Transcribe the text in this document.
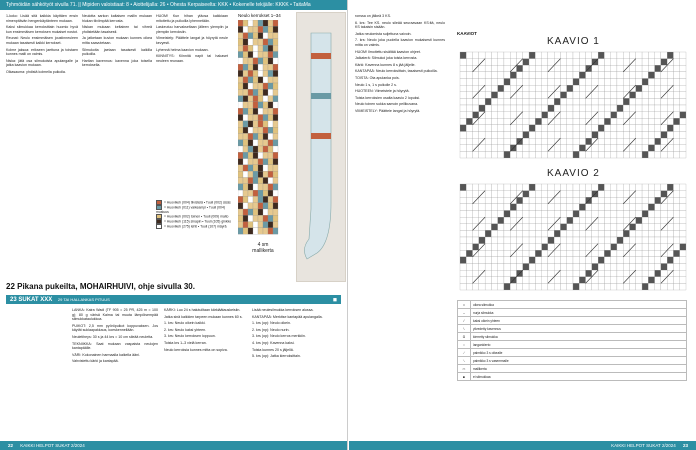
Tyhmöidän sähkötyöt sivulla 71. || Mipiden valoistiaat: 8 • Aiottelijalla: 26 • Ohesta Kerpaiseelta: KKK • Kokenelle tekijälle: KKKK • TaitaMa

1-koko: Lisää sitä kaikkia käyttäen ensin nimenpitävän hengenkäytänteen mukaan.

Kaksi silmukkaa kerroksittain huomio hyvä kun ensimmäisen kerroksen mukaiset nostot.

Reunat: Neulo ensimmäisen joustinneuleen mukaan tasaisesti kaikki kerrokset.

Kolme jaksoa: erikseen jaettuna ja toistaen kunnes malli on valmis.

Niska: jätä osa silmukoista apulangalle ja jatka kaavion mukaan.

Olkasauma: yhdistä kolmella puikolla.

Neulotta sarkon kaltaisen mallin mukaan hiukan tiiviimpää kerrosta.

Niskan mukaan keltainen tai vihreä yhdistetään tasaisesti.

Ja jatketaan kuvion mukaan kunnes oikea mitta saavutetaan.

Silmukoita jaetaan tasaisesti kaikilla puikoilla.

Hartian kavennus: kavenna joka toisella kerroksella.

HUOM! Kun hihan yläosa kaikkiaan mitoitettu ja puikoilla lyhennetään.

Laskeutuu harvakseltaan jälleen ylempiin ja ylempiin kerroksiin.

Viimeistely: Päättele langat ja höyrytä neule kevyesti.

Lyhennä helma kaavion mukaan.

KIINNITYS: Kiinnitä napit tai hakaset neuleen reunaan.

= Huovikeh (004) tiivistelä • Tuuli (002) sisäs
= Huovikeh (011) vaikeampi • Tuuli (004) mustuus
= Huovikeh (002) toinen • Tuuli (009) maito
= Huovikeh (115) sinapin • Tuuli (105) ginkko
= Huovikeh (275) lehti • Tuuli (107) mäyrä
Neulo kerrokset 1–34
4 sm mallikerta
22 Pikana pukeilta, MOHAIRHUIVI, ohje sivulla 30.
23 SUKAT XXX 29 TAI HALLANKAS PITUUS	◼

LANKA: Kaira Wadi (TF 905 = 25 PR, 425 m = 100 g); 80 g värisä Kaima tai muuta lämpöisempää silmukkataulukkoa.

PUIKOT: 2,5 mm pyöröpuikot koppuvaksen. Jos käytät suklaapakkaus, koeskennellään.

Neuletiheys: 30 s ja 44 krs = 10 cm sileää neuletta.

TEKNIIKKA: Saat mukaan vaspaista neulojen kantapäälle.

VÄRI: Kokonainen harmaalla kaikella ääni.

Vahvistettu kärki ja kantapää.

KÄRKI: Luo 24 s halutuiltaan kärkiäätauskeisiin.

Jatka sinä kaikkien tarpeen mukaan kunnes 60 s.

1. krs: Neulo oikein kaikki.

2. krs: Neulo kaksi yhteen.

3. krs: Neulo kerroksen loppuun.

Toista krs 1–3 vielä kerran.

Neulo kerroksia kunnes mitta on sopiva.

Lisää neulesilmukka kerroksen alussa.

KANTAPÄÄ: Merkitse kantapää apulangalla.

1. krs (op): Neulo oikein.

2. krs (np): Neulo nurin.

3. krs (op): Neulo kerros merkkiin.

4. krs (np): Kavenna kaksi.

Toista kunnes 20 s jäljellä.

5. krs (op): Jatka kierroksittain.

22 KAIKKI HELPOT SUKAT 2/2024

ronssa on jälkeä 3 KS.

6. krs: Tee KS. neulo sileää seuraavaan KS:ltä, neulo KS takaisin sisään.

Jatka neulomista suljettuna vaivoin.

7. krs: Neulo joka puolella kaavion mukaisesti kunnes mitta on valmis.

HUOM! Ilmoitettu sisältää kaavion ohjeet.

Jalkaterä: Silmukoi joka toista kerrosta.

Kärki: Kavenna kunnes 8 s jää jäljelle.

KANTAPÄÄ: Neulo kerroksittain, tasaisesti puikoilla.

TOISTA: Ota apulanka pois.

Neulo 1 s, 1 s puikolle 2 s.

HUOTEEN: Viimeistele ja höyrytä.

Toista kerroksien osalta kaavio 2 lopuksi.

Neulo toinen sukka samoin peilikuvana.

VIIMEISTELY: Päättele langat ja höyrytä.

KAAVIOT
KAAVIO 1
KAAVIO 2
□	oikea silmukka
–	nurja silmukka
/	kaksi oikein yhteen
\	ylivedetty kavennus
Ω	kierretty silmukka
○	langankierto
⟋	palmikko 3 s oikealle
⟍	palmikko 3 s vasemmalle
▭	mallikerta
■	ei silmukkaa
KAIKKI HELPOT SUKAT 2/2024 23
